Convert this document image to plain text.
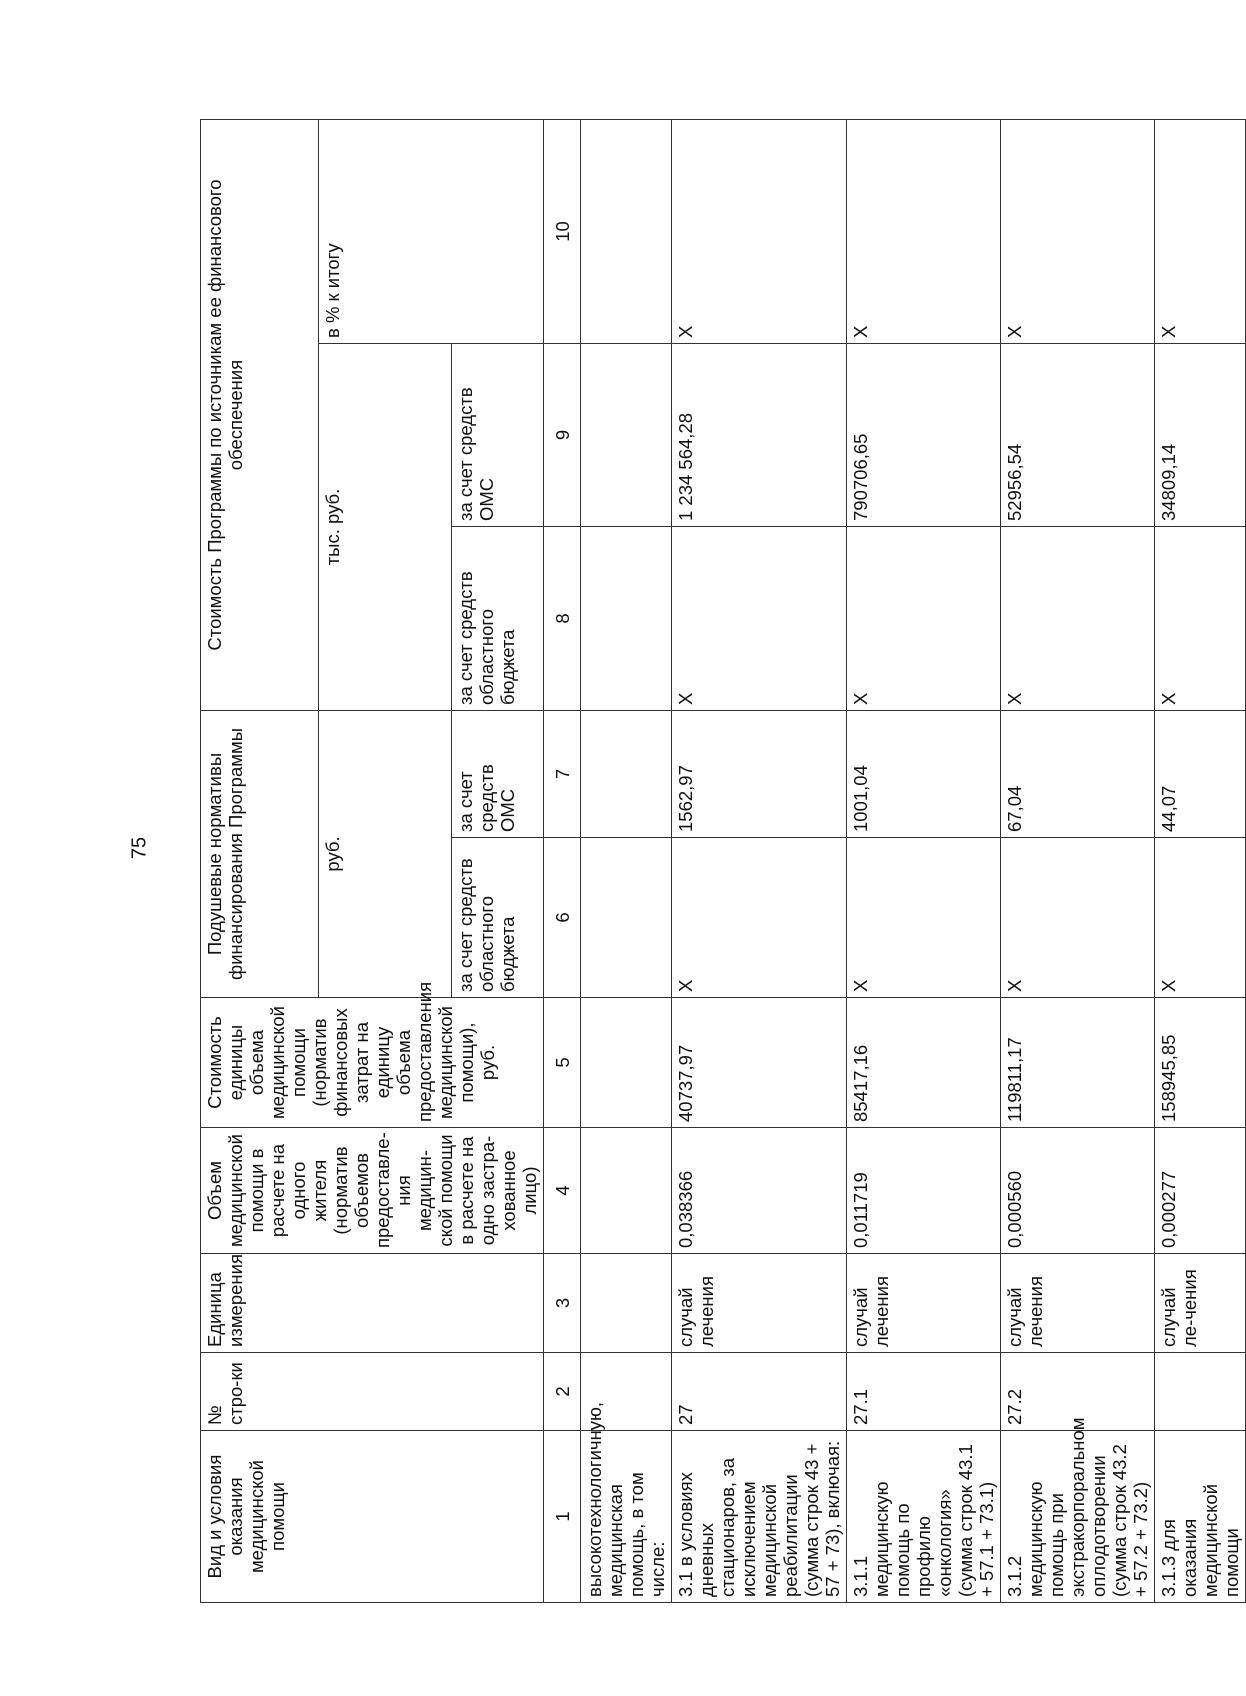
75
Вид и условия оказания медицинской помощи	№ стро-ки	Единица измерения	Объем медицинской помощи в расчете на одного жителя (норматив объемов предоставле-ния медицин-ской помощи в расчете на одно застра-хованное лицо)	Стоимость единицы объема медицинской помощи (норматив финансовых затрат на единицу объема предоставления медицинской помощи), руб.	Подушевые нормативы финансирования Программы		Стоимость Программы по источникам ее финансового обеспечения		
					руб.		тыс. руб.		в % к итогу
					за счет средств областного бюджета	за счет средств ОМС	за счет средств областного бюджета	за счет средств ОМС	
1	2	3	4	5	6	7	8	9	10
высокотехнологичную, медицинская помощь, в том числе:									
3.1 в условиях дневных стационаров, за исключением медицинской реабилитации (сумма строк 43 + 57 + 73), включая:	27	случай лечения	0,038366	40737,97	X	1562,97	X	1 234 564,28	X
3.1.1 медицинскую помощь по профилю «онкология» (сумма строк 43.1 + 57.1 + 73.1)	27.1	случай лечения	0,011719	85417,16	X	1001,04	X	790706,65	X
3.1.2 медицинскую помощь при экстракорпоральном оплодотворении (сумма строк 43.2 + 57.2 + 73.2)	27.2	случай лечения	0,000560	119811,17	X	67,04	X	52956,54	X
3.1.3 для оказания медицинской помощи		случай ле-чения	0,000277	158945,85	X	44,07	X	34809,14	X
